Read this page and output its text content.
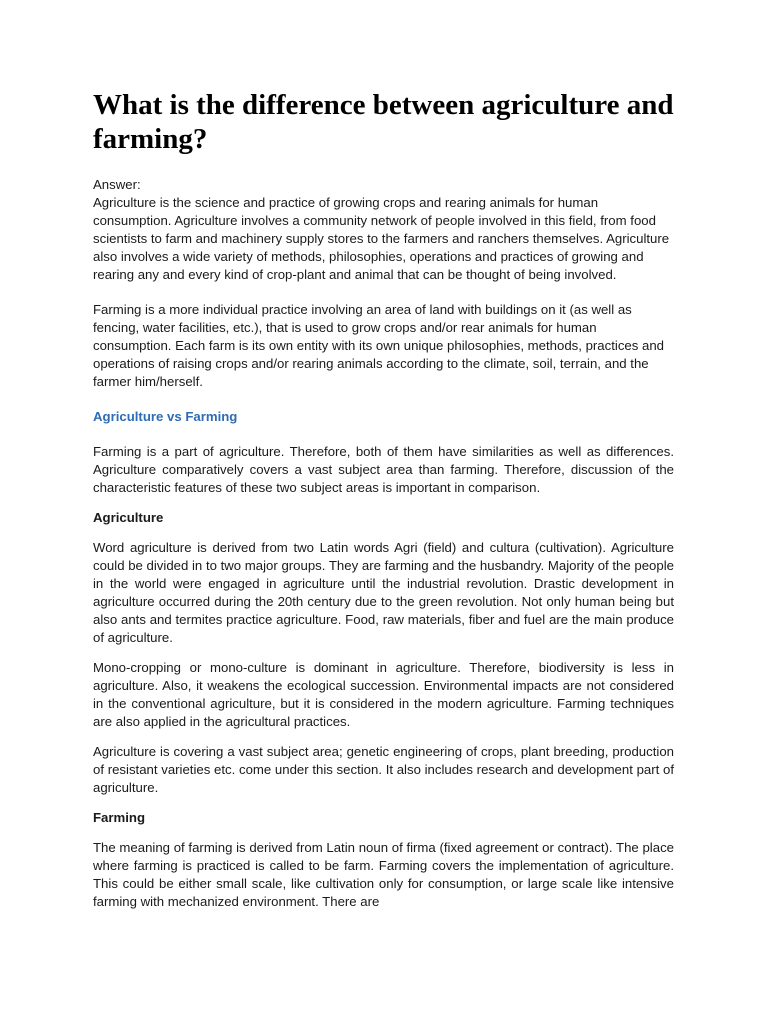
What is the difference between agriculture and farming?

Answer:

Agriculture is the science and practice of growing crops and rearing animals for human consumption. Agriculture involves a community network of people involved in this field, from food scientists to farm and machinery supply stores to the farmers and ranchers themselves. Agriculture also involves a wide variety of methods, philosophies, operations and practices of growing and rearing any and every kind of crop-plant and animal that can be thought of being involved.

Farming is a more individual practice involving an area of land with buildings on it (as well as fencing, water facilities, etc.), that is used to grow crops and/or rear animals for human consumption. Each farm is its own entity with its own unique philosophies, methods, practices and operations of raising crops and/or rearing animals according to the climate, soil, terrain, and the farmer him/herself.

Agriculture vs Farming

Farming is a part of agriculture. Therefore, both of them have similarities as well as differences. Agriculture comparatively covers a vast subject area than farming. Therefore, discussion of the characteristic features of these two subject areas is important in comparison.

Agriculture

Word agriculture is derived from two Latin words Agri (field) and cultura (cultivation). Agriculture could be divided in to two major groups. They are farming and the husbandry. Majority of the people in the world were engaged in agriculture until the industrial revolution. Drastic development in agriculture occurred during the 20th century due to the green revolution. Not only human being but also ants and termites practice agriculture. Food, raw materials, fiber and fuel are the main produce of agriculture.

Mono-cropping or mono-culture is dominant in agriculture. Therefore, biodiversity is less in agriculture. Also, it weakens the ecological succession. Environmental impacts are not considered in the conventional agriculture, but it is considered in the modern agriculture. Farming techniques are also applied in the agricultural practices.

Agriculture is covering a vast subject area; genetic engineering of crops, plant breeding, production of resistant varieties etc. come under this section. It also includes research and development part of agriculture.

Farming

The meaning of farming is derived from Latin noun of firma (fixed agreement or contract). The place where farming is practiced is called to be farm. Farming covers the implementation of agriculture. This could be either small scale, like cultivation only for consumption, or large scale like intensive farming with mechanized environment. There are
